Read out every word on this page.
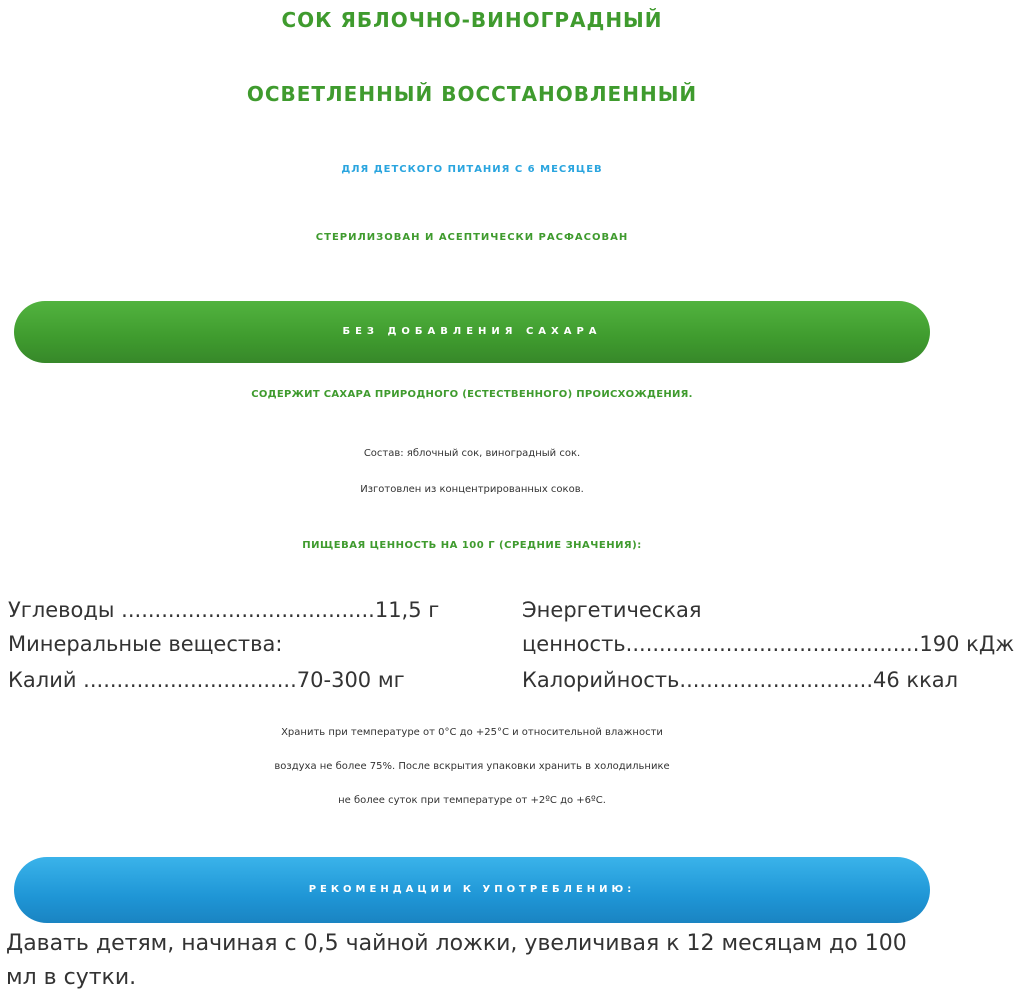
СОК ЯБЛОЧНО-ВИНОГРАДНЫЙ
ОСВЕТЛЕННЫЙ ВОССТАНОВЛЕННЫЙ
ДЛЯ ДЕТСКОГО ПИТАНИЯ С 6 МЕСЯЦЕВ
СТЕРИЛИЗОВАН И АСЕПТИЧЕСКИ РАСФАСОВАН
БЕЗ ДОБАВЛЕНИЯ САХАРА
СОДЕРЖИТ САХАРА ПРИРОДНОГО (ЕСТЕСТВЕННОГО) ПРОИСХОЖДЕНИЯ.
Состав: яблочный сок, виноградный сок.
Изготовлен из концентрированных соков.
ПИЩЕВАЯ ЦЕННОСТЬ НА 100 Г (СРЕДНИЕ ЗНАЧЕНИЯ):
Углеводы ......................................11,5 г
Минеральные вещества:
Калий ................................70-300 мг
Энергетическая
ценность............................................190 кДж
Калорийность.............................46 ккал
Хранить при температуре от 0°С до +25°С и относительной влажности
воздуха не более 75%. После вскрытия упаковки хранить в холодильнике
не более суток при температуре от +2ºС до +6ºС.
РЕКОМЕНДАЦИИ К УПОТРЕБЛЕНИЮ:
Давать детям, начиная с 0,5 чайной ложки, увеличивая к 12 месяцам до 100
мл в сутки.
